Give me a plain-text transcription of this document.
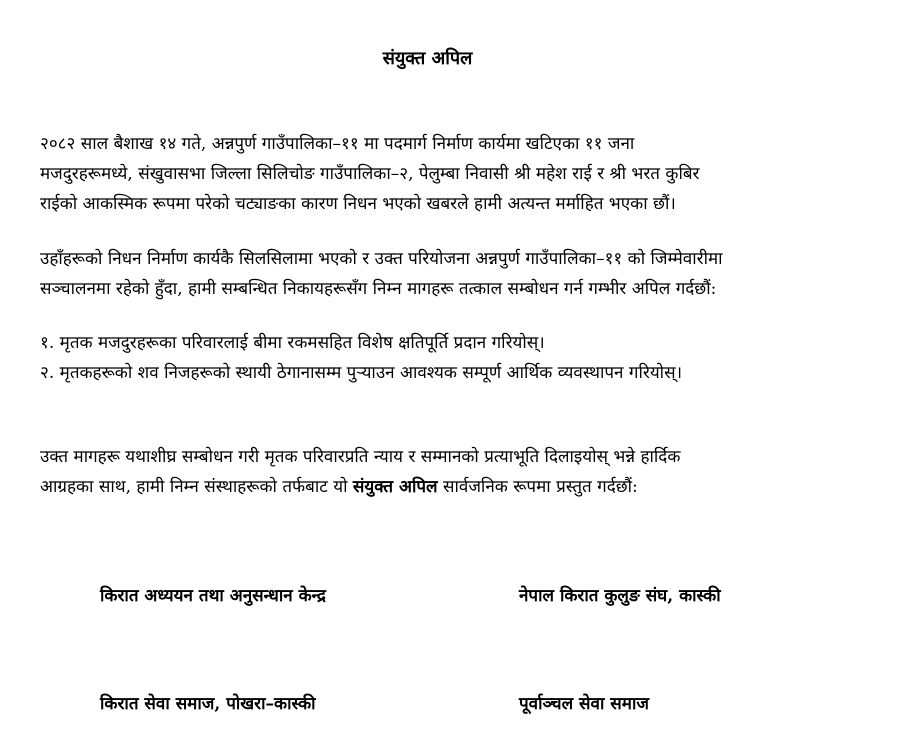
संयुक्त अपिल
२०८२ साल बैशाख १४ गते, अन्नपुर्ण गाउँपालिका–११ मा पदमार्ग निर्माण कार्यमा खटिएका ११ जना
मजदुरहरूमध्ये, संखुवासभा जिल्ला सिलिचोङ गाउँपालिका–२, पेलुम्बा निवासी श्री महेश राई र श्री भरत कुबिर
राईको आकस्मिक रूपमा परेको चट्याङका कारण निधन भएको खबरले हामी अत्यन्त मर्माहित भएका छौं।
उहाँहरूको निधन निर्माण कार्यकै सिलसिलामा भएको र उक्त परियोजना अन्नपुर्ण गाउँपालिका–११ को जिम्मेवारीमा
सञ्चालनमा रहेको हुँदा, हामी सम्बन्धित निकायहरूसँग निम्न मागहरू तत्काल सम्बोधन गर्न गम्भीर अपिल गर्दछौं:
१. मृतक मजदुरहरूका परिवारलाई बीमा रकमसहित विशेष क्षतिपूर्ति प्रदान गरियोस्।
२. मृतकहरूको शव निजहरूको स्थायी ठेगानासम्म पुर्‍याउन आवश्यक सम्पूर्ण आर्थिक व्यवस्थापन गरियोस्।
उक्त मागहरू यथाशीघ्र सम्बोधन गरी मृतक परिवारप्रति न्याय र सम्मानको प्रत्याभूति दिलाइयोस् भन्ने हार्दिक
आग्रहका साथ, हामी निम्न संस्थाहरूको तर्फबाट यो संयुक्त अपिल सार्वजनिक रूपमा प्रस्तुत गर्दछौं:
किरात अध्ययन तथा अनुसन्धान केन्द्र	नेपाल किरात कुलुङ संघ, कास्की
किरात सेवा समाज, पोखरा–कास्की	पूर्वाञ्चल सेवा समाज
